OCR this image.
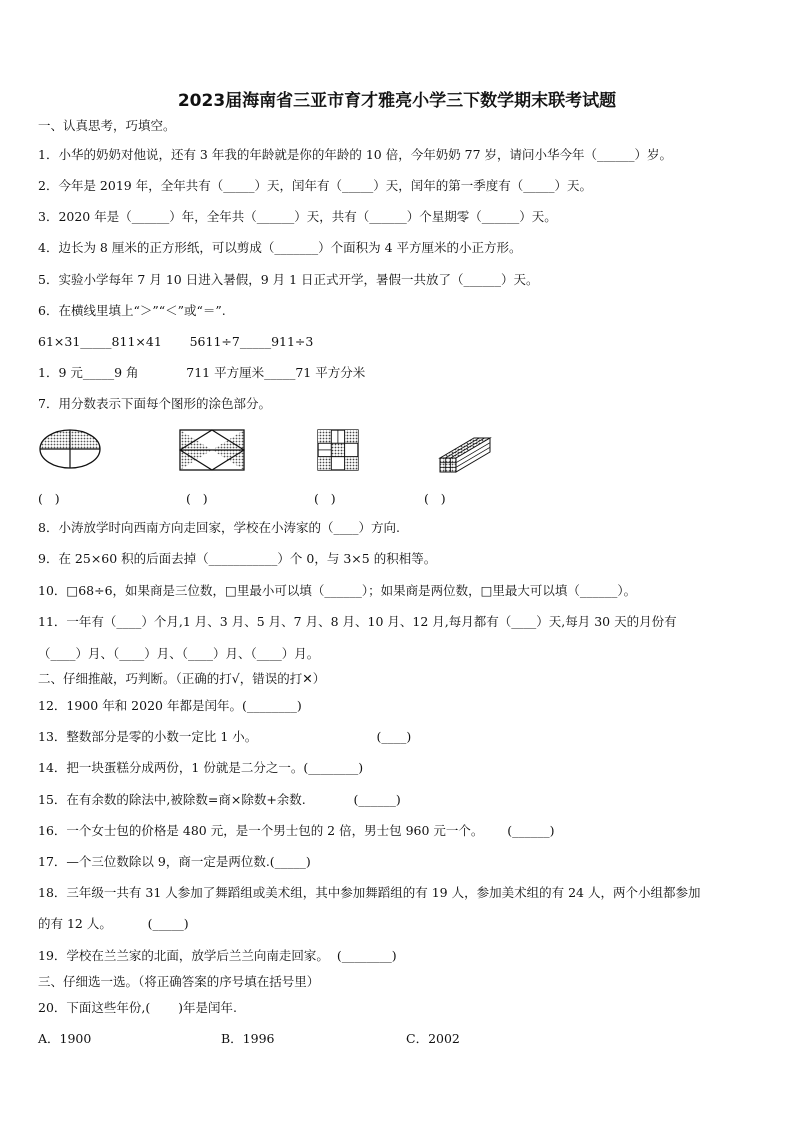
2023届海南省三亚市育才雅亮小学三下数学期末联考试题
一、认真思考，巧填空。
1．小华的奶奶对他说，还有 3 年我的年龄就是你的年龄的 10 倍，今年奶奶 77 岁，请问小华今年（______）岁。
2．今年是 2019 年，全年共有（_____）天，闰年有（_____）天，闰年的第一季度有（_____）天。
3．2020 年是（______）年，全年共（______）天，共有（______）个星期零（______）天。
4．边长为 8 厘米的正方形纸，可以剪成（_______）个面积为 4 平方厘米的小正方形。
5．实验小学每年 7 月 10 日进入暑假，9 月 1 日正式开学，暑假一共放了（______）天。
6．在横线里填上“＞”“＜”或“＝”.
61×31_____811×41       5611÷7_____911÷3
1．9 元_____9 角            711 平方厘米_____71 平方分米
7．用分数表示下面每个图形的涂色部分。
(   )	(   )	(   )	(   )
8．小涛放学时向西南方向走回家，学校在小涛家的（____）方向.
9．在 25×60 积的后面去掉（___________）个 0，与 3×5 的积相等。
10．□68÷6，如果商是三位数，□里最小可以填（______）；如果商是两位数，□里最大可以填（______）。
11．一年有（____）个月,1 月、3 月、5 月、7 月、8 月、10 月、12 月,每月都有（____）天,每月 30 天的月份有
（____）月、（____）月、（____）月、（____）月。
二、仔细推敲，巧判断。（正确的打√，错误的打✕）
12．1900 年和 2020 年都是闰年。(________)
13．整数部分是零的小数一定比 1 小。                              (____)
14．把一块蛋糕分成两份，1 份就是二分之一。(________)
15．在有余数的除法中,被除数=商×除数+余数.            (______)
16．一个女士包的价格是 480 元，是一个男士包的 2 倍，男士包 960 元一个。      (______)
17．—个三位数除以 9，商一定是两位数.(_____)
18．三年级一共有 31 人参加了舞蹈组或美术组，其中参加舞蹈组的有 19 人，参加美术组的有 24 人，两个小组都参加
的有 12 人。         (_____)
19．学校在兰兰家的北面，放学后兰兰向南走回家。  (________)
三、仔细选一选。（将正确答案的序号填在括号里）
20．下面这些年份,(       )年是闰年.
A．1900	B．1996	C．2002
